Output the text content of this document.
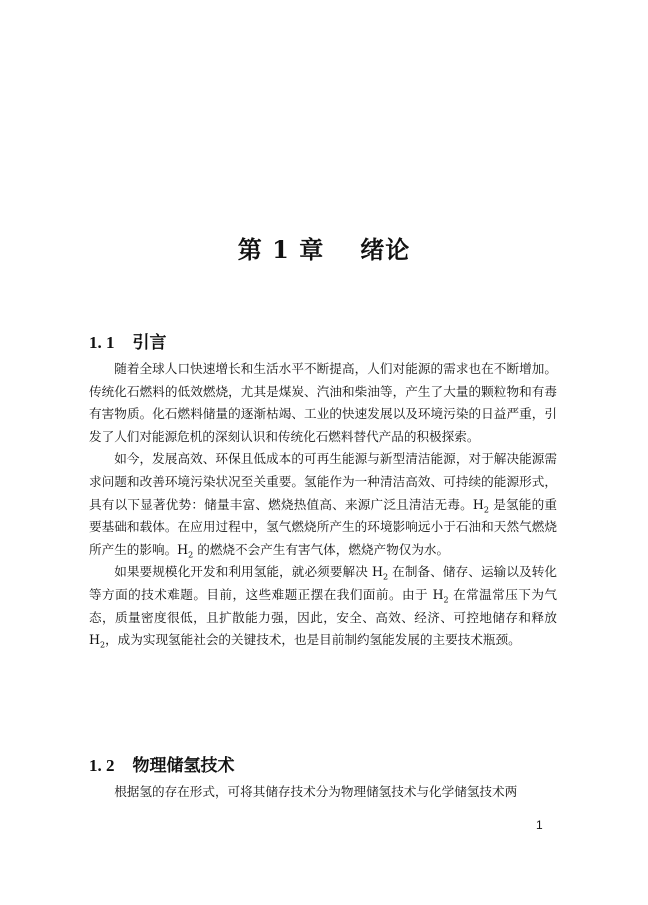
第 1 章 绪论
1. 1 引言

随着全球人口快速增长和生活水平不断提高，人们对能源的需求也在不断增加。传统化石燃料的低效燃烧，尤其是煤炭、汽油和柴油等，产生了大量的颗粒物和有毒有害物质。化石燃料储量的逐渐枯竭、工业的快速发展以及环境污染的日益严重，引发了人们对能源危机的深刻认识和传统化石燃料替代产品的积极探索。

如今，发展高效、环保且低成本的可再生能源与新型清洁能源，对于解决能源需求问题和改善环境污染状况至关重要。氢能作为一种清洁高效、可持续的能源形式，具有以下显著优势：储量丰富、燃烧热值高、来源广泛且清洁无毒。$H_2$ 是氢能的重要基础和载体。在应用过程中，氢气燃烧所产生的环境影响远小于石油和天然气燃烧所产生的影响。$H_2$ 的燃烧不会产生有害气体，燃烧产物仅为水。

如果要规模化开发和利用氢能，就必须要解决 $H_2$ 在制备、储存、运输以及转化等方面的技术难题。目前，这些难题正摆在我们面前。由于 $H_2$ 在常温常压下为气态，质量密度很低，且扩散能力强，因此，安全、高效、经济、可控地储存和释放 $H_2$，成为实现氢能社会的关键技术，也是目前制约氢能发展的主要技术瓶颈。

1. 2 物理储氢技术

根据氢的存在形式，可将其储存技术分为物理储氢技术与化学储氢技术两

1
